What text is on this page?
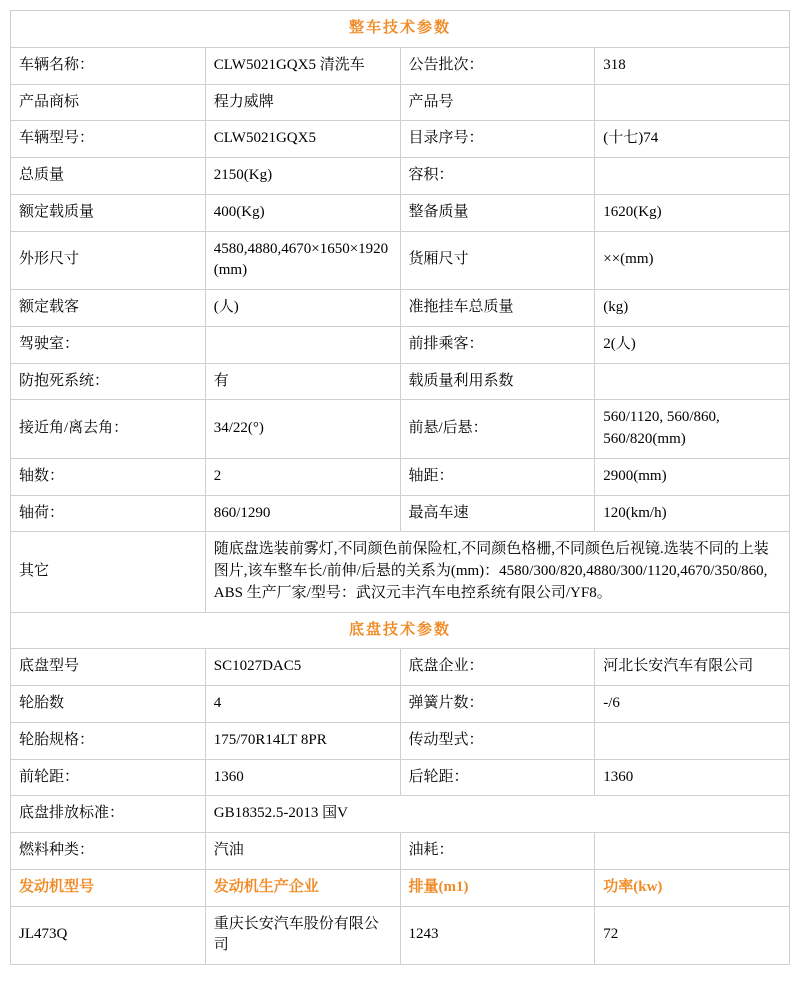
整车技术参数			
车辆名称：	CLW5021GQX5 清洗车	公告批次：	318
产品商标	程力威牌	产品号	
车辆型号：	CLW5021GQX5	目录序号：	(十七)74
总质量	2150(Kg)	容积：	
额定载质量	400(Kg)	整备质量	1620(Kg)
外形尺寸	4580,4880,4670×1650×1920(mm)	货厢尺寸	××(mm)
额定载客	(人)	准拖挂车总质量	(kg)
驾驶室：		前排乘客：	2(人)
防抱死系统：	有	载质量利用系数	
接近角/离去角：	34/22(°)	前悬/后悬：	560/1120, 560/860, 560/820(mm)
轴数：	2	轴距：	2900(mm)
轴荷：	860/1290	最高车速	120(km/h)
其它	随底盘选装前雾灯,不同颜色前保险杠,不同颜色格栅,不同颜色后视镜.选装不同的上装图片,该车整车长/前伸/后悬的关系为(mm)：4580/300/820,4880/300/1120,4670/350/860, ABS 生产厂家/型号：武汉元丰汽车电控系统有限公司/YF8。		
底盘技术参数			
底盘型号	SC1027DAC5	底盘企业：	河北长安汽车有限公司
轮胎数	4	弹簧片数：	-/6
轮胎规格：	175/70R14LT 8PR	传动型式：	
前轮距：	1360	后轮距：	1360
底盘排放标准：	GB18352.5-2013 国V		
燃料种类：	汽油	油耗：	
发动机型号	发动机生产企业	排量(m1)	功率(kw)
JL473Q	重庆长安汽车股份有限公司	1243	72
